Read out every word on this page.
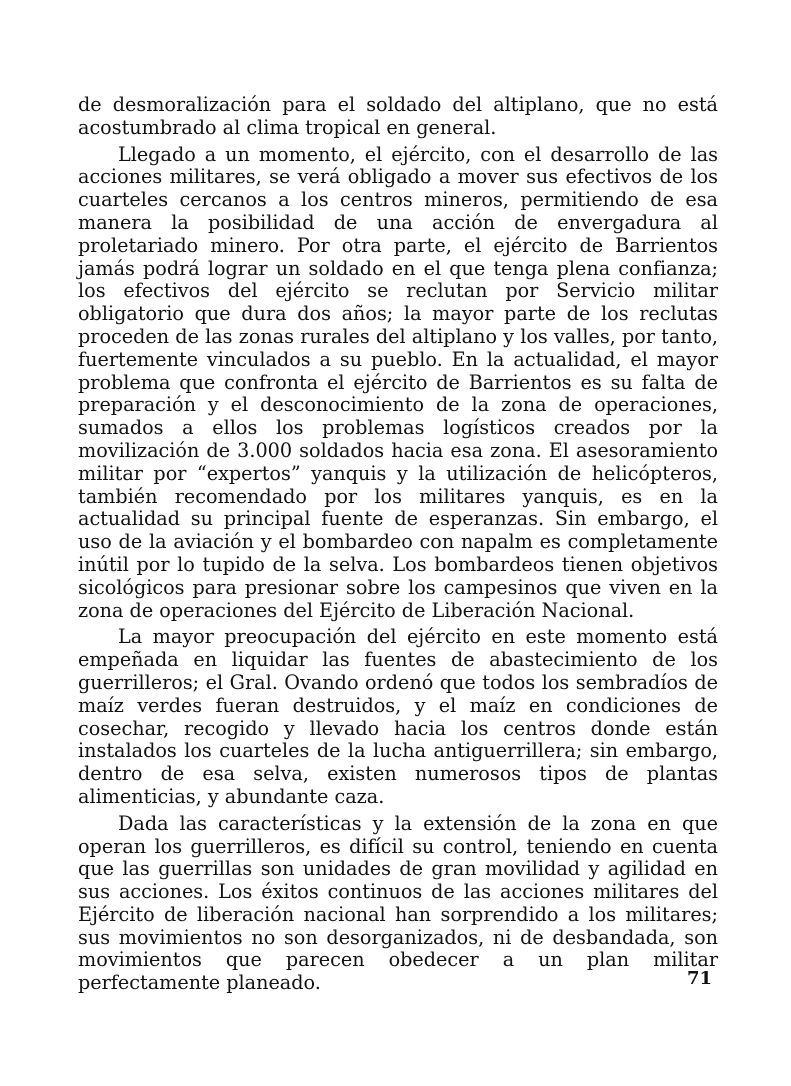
de desmoralización para el soldado del altiplano, que no está acostumbrado al clima tropical en general.

Llegado a un momento, el ejército, con el desarrollo de las acciones militares, se verá obligado a mover sus efectivos de los cuarteles cercanos a los centros mineros, permitiendo de esa manera la posibilidad de una acción de envergadura al proletariado minero. Por otra parte, el ejército de Barrientos jamás podrá lograr un soldado en el que tenga plena confianza; los efectivos del ejército se reclutan por Servicio militar obligatorio que dura dos años; la mayor parte de los reclutas proceden de las zonas rurales del altiplano y los valles, por tanto, fuertemente vinculados a su pueblo. En la actualidad, el mayor problema que confronta el ejército de Barrientos es su falta de preparación y el desconocimiento de la zona de operaciones, sumados a ellos los problemas logísticos creados por la movilización de 3.000 soldados hacia esa zona. El asesoramiento militar por “expertos” yanquis y la utilización de helicópteros, también recomendado por los militares yanquis, es en la actualidad su principal fuente de esperanzas. Sin embargo, el uso de la aviación y el bombardeo con napalm es completamente inútil por lo tupido de la selva. Los bombardeos tienen objetivos sicológicos para presionar sobre los campesinos que viven en la zona de operaciones del Ejército de Liberación Nacional.

La mayor preocupación del ejército en este momento está empeñada en liquidar las fuentes de abastecimiento de los guerrilleros; el Gral. Ovando ordenó que todos los sembradíos de maíz verdes fueran destruidos, y el maíz en condiciones de cosechar, recogido y llevado hacia los centros donde están instalados los cuarteles de la lucha antiguerrillera; sin embargo, dentro de esa selva, existen numerosos tipos de plantas alimenticias, y abundante caza.

Dada las características y la extensión de la zona en que operan los guerrilleros, es difícil su control, teniendo en cuenta que las guerrillas son unidades de gran movilidad y agilidad en sus acciones. Los éxitos continuos de las acciones militares del Ejército de liberación nacional han sorprendido a los militares; sus movimientos no son desorganizados, ni de desbandada, son movimientos que parecen obedecer a un plan militar perfectamente planeado.	71
